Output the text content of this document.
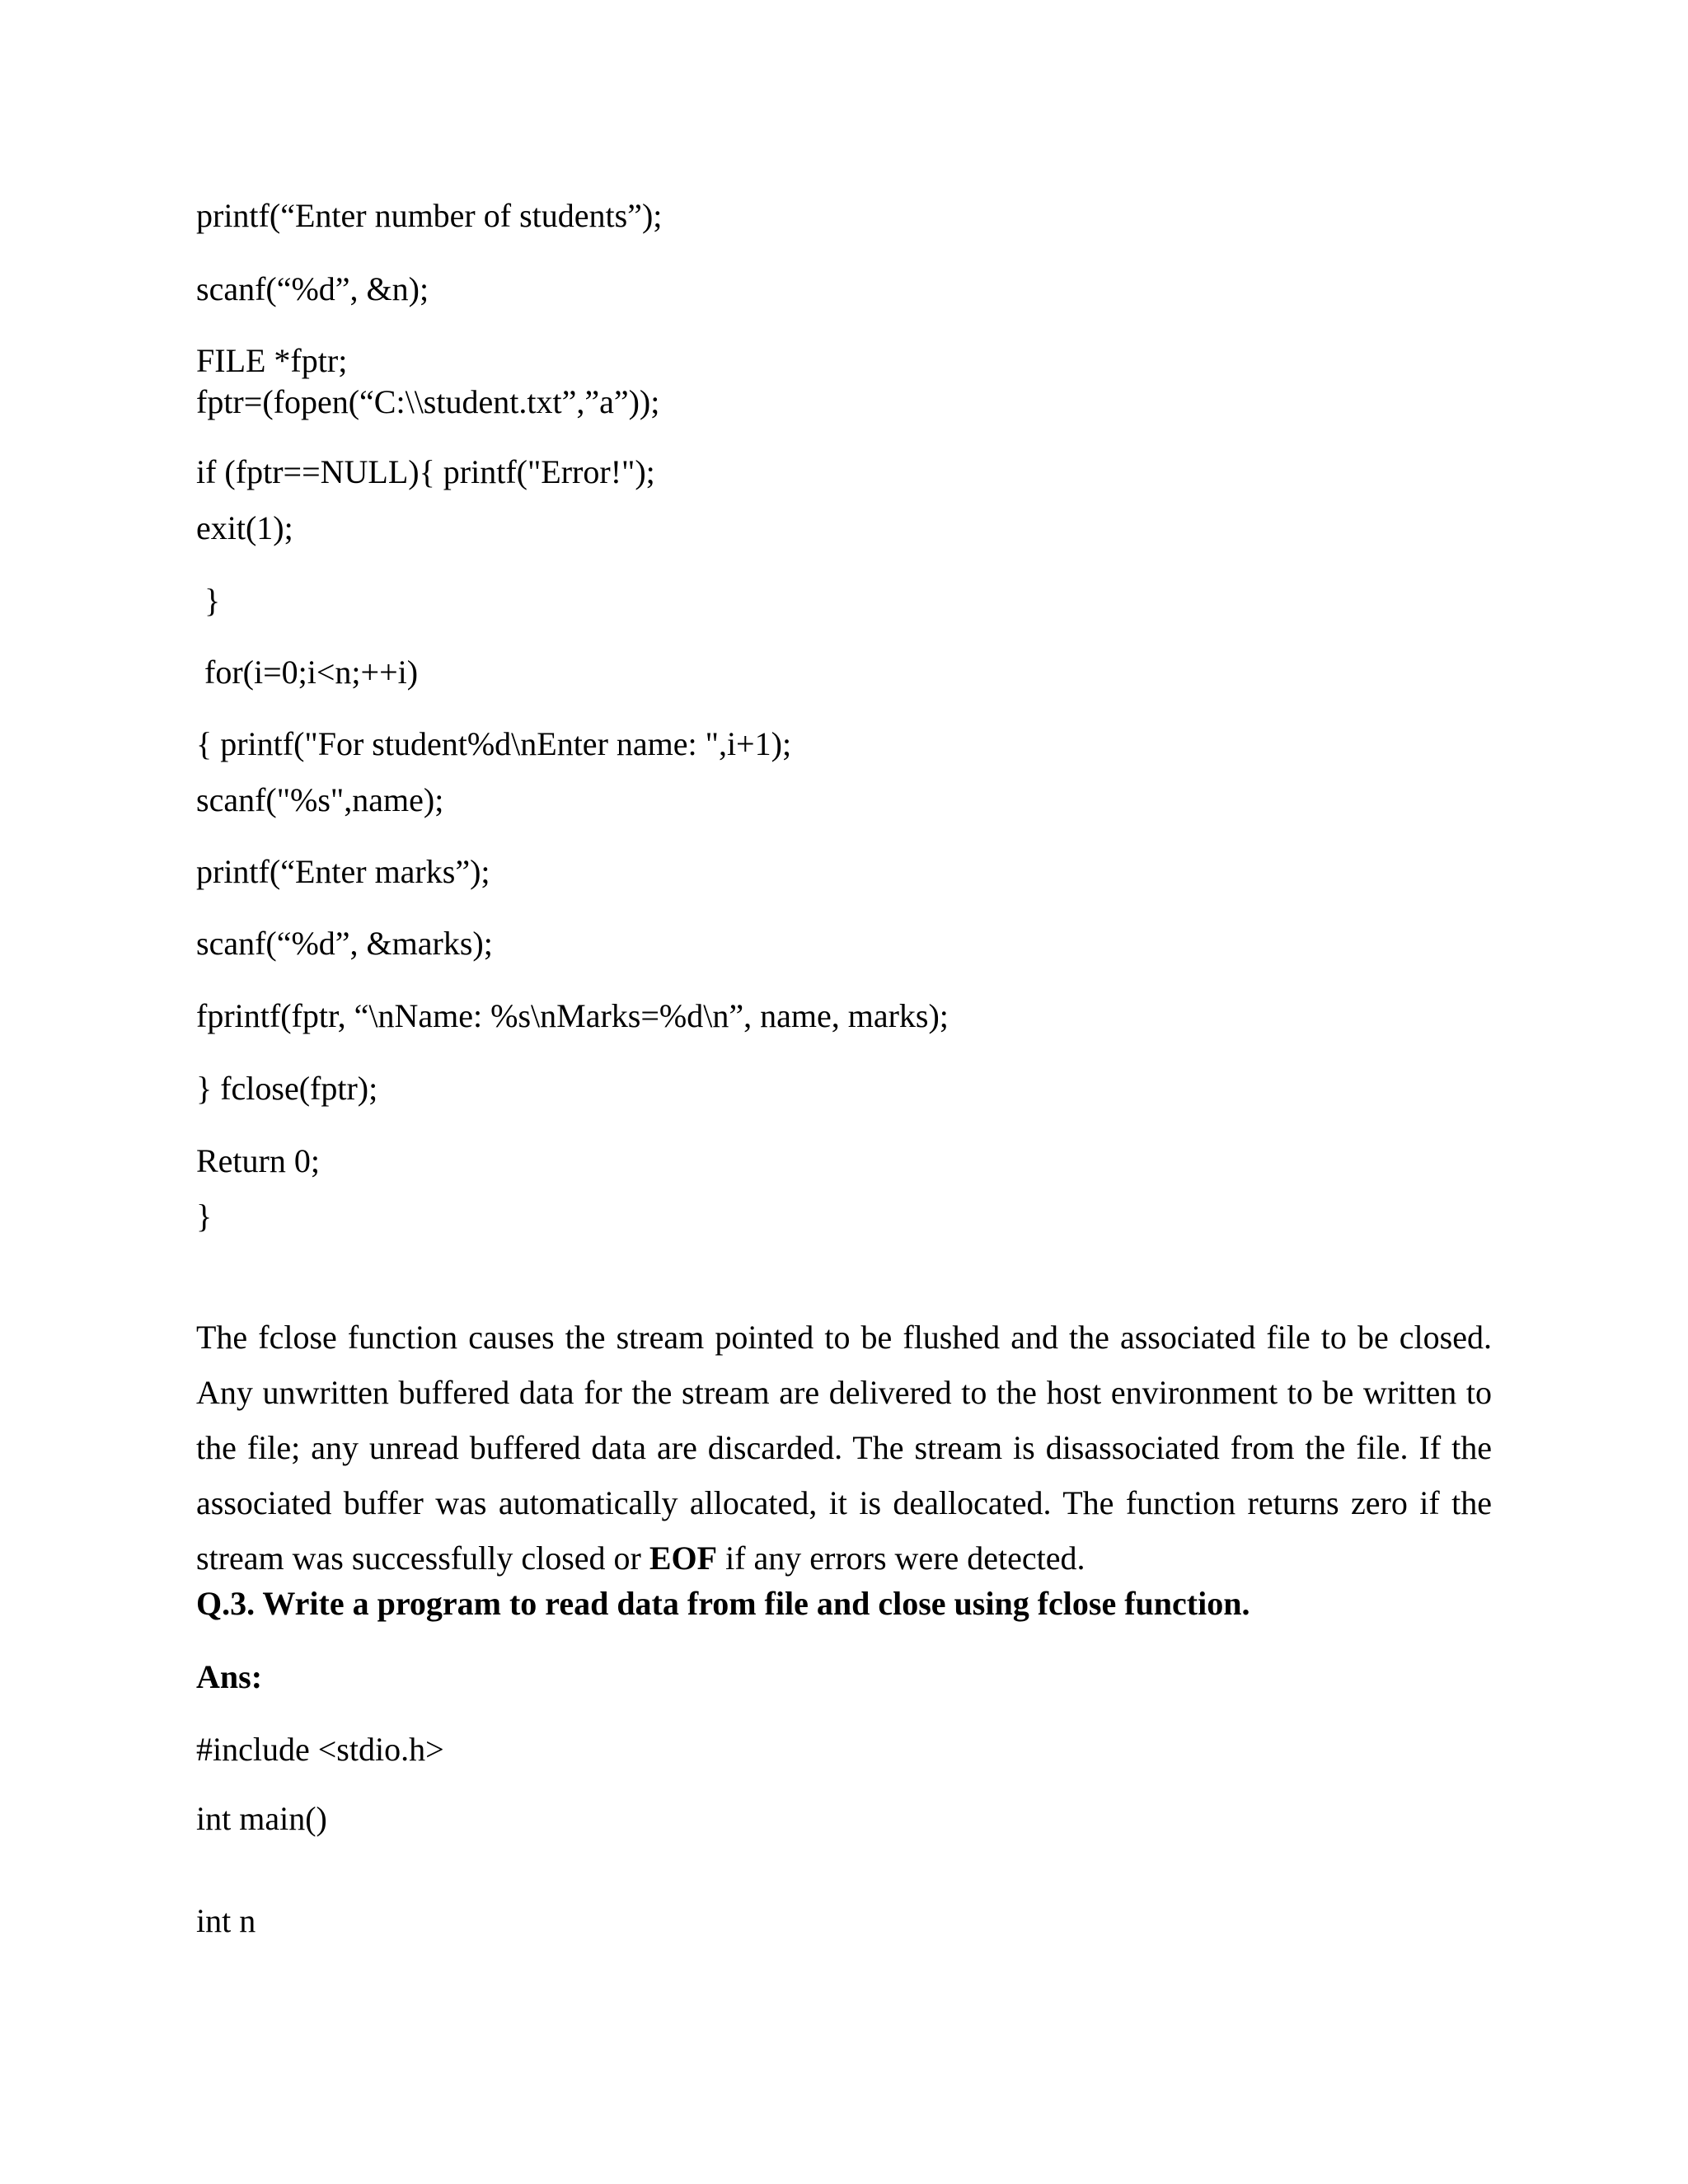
printf(“Enter number of students”);

scanf(“%d”, &n);

FILE *fptr;

fptr=(fopen(“C:\\student.txt”,”a”));

if (fptr==NULL){ printf("Error!");

exit(1);

}

for(i=0;i<n;++i)

{ printf("For student%d\nEnter name: ",i+1);

scanf("%s",name);

printf(“Enter marks”);

scanf(“%d”, &marks);

fprintf(fptr, “\nName: %s\nMarks=%d\n”, name, marks);

} fclose(fptr);

Return 0;

}

The fclose function causes the stream pointed to be flushed and the associated file to be closed.
Any unwritten buffered data for the stream are delivered to the host environment to be written to
the file; any unread buffered data are discarded. The stream is disassociated from the file. If the
associated buffer was automatically allocated, it is deallocated. The function returns zero if the
stream was successfully closed or EOF if any errors were detected.

Q.3. Write a program to read data from file and close using fclose function.

Ans:

#include <stdio.h>

int main()

int n
